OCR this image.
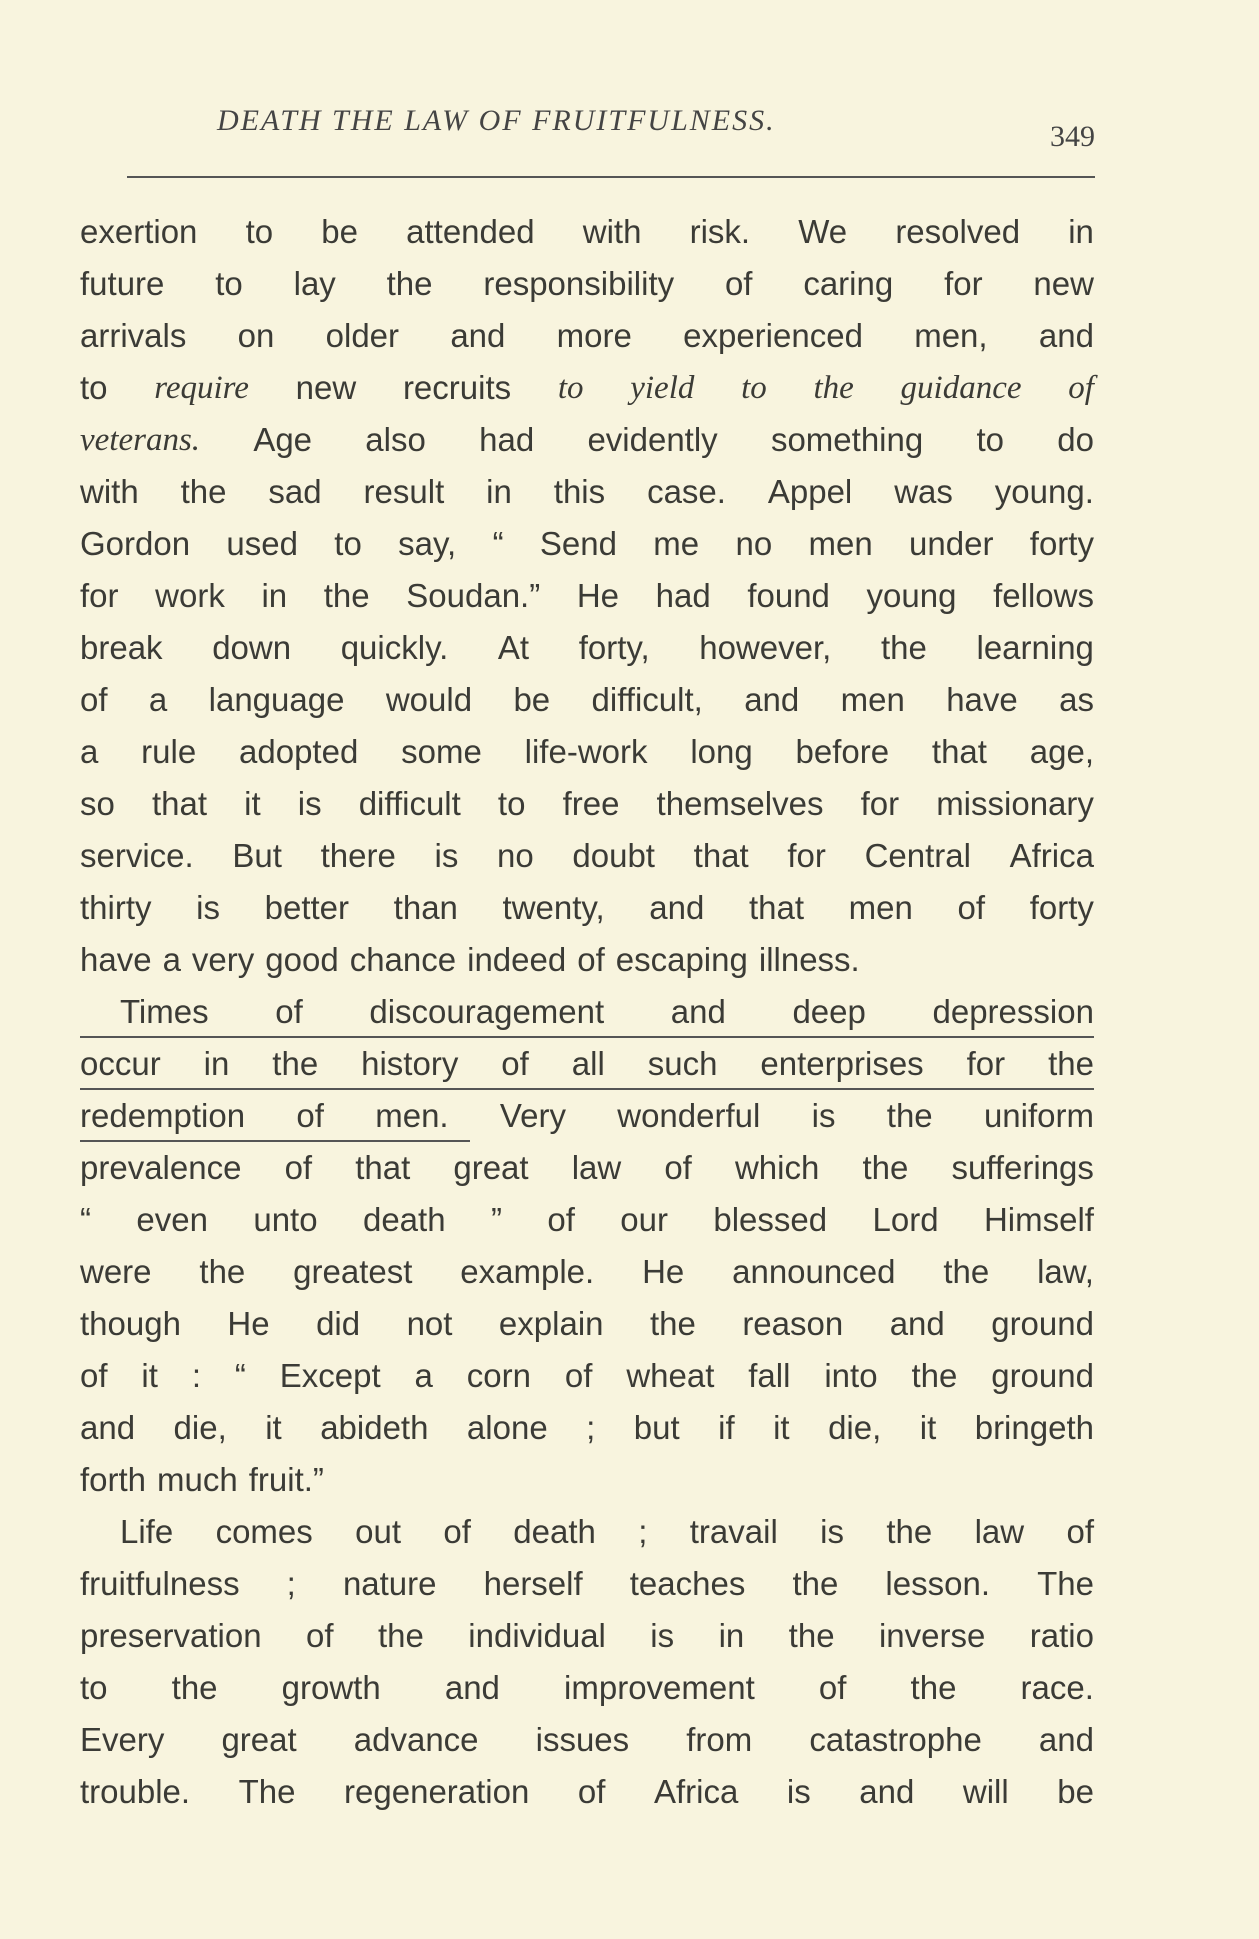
DEATH THE LAW OF FRUITFULNESS.	349
exertion to be attended with risk. We resolved in
future to lay the responsibility of caring for new
arrivals on older and more experienced men, and
to require new recruits to yield to the guidance of
veterans. Age also had evidently something to do
with the sad result in this case. Appel was young.
Gordon used to say, “ Send me no men under forty
for work in the Soudan.” He had found young fellows
break down quickly. At forty, however, the learning
of a language would be difficult, and men have as
a rule adopted some life-work long before that age,
so that it is difficult to free themselves for missionary
service. But there is no doubt that for Central Africa
thirty is better than twenty, and that men of forty
have a very good chance indeed of escaping illness.
Times of discouragement and deep depression
occur in the history of all such enterprises for the
redemption of men. Very wonderful is the uniform
prevalence of that great law of which the sufferings
“ even unto death ” of our blessed Lord Himself
were the greatest example. He announced the law,
though He did not explain the reason and ground
of it : “ Except a corn of wheat fall into the ground
and die, it abideth alone ; but if it die, it bringeth
forth much fruit.”
Life comes out of death ; travail is the law of
fruitfulness ; nature herself teaches the lesson. The
preservation of the individual is in the inverse ratio
to the growth and improvement of the race.
Every great advance issues from catastrophe and
trouble. The regeneration of Africa is and will be
